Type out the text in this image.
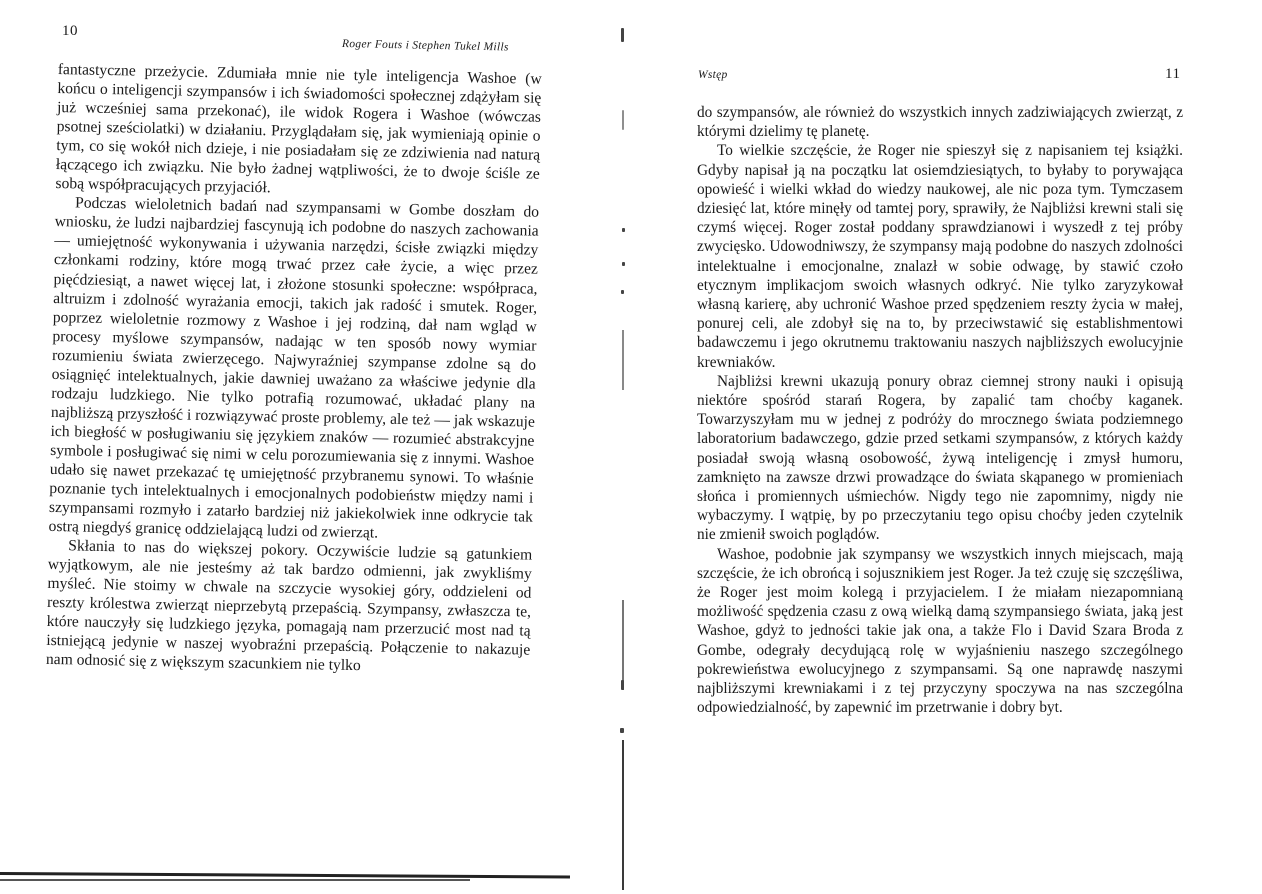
10
Roger Fouts i Stephen Tukel Mills

fantastyczne przeżycie. Zdumiała mnie nie tyle inteligencja Washoe (w końcu o inteligencji szympansów i ich świadomości społecznej zdążyłam się już wcześniej sama przekonać), ile widok Rogera i Washoe (wówczas psotnej sześciolatki) w działaniu. Przyglądałam się, jak wymieniają opinie o tym, co się wokół nich dzieje, i nie posiadałam się ze zdziwienia nad naturą łączącego ich związku. Nie było żadnej wątpliwości, że to dwoje ściśle ze sobą współpracujących przyjaciół.

Podczas wieloletnich badań nad szympansami w Gombe doszłam do wniosku, że ludzi najbardziej fascynują ich podobne do naszych zachowania — umiejętność wykonywania i używania narzędzi, ścisłe związki między członkami rodziny, które mogą trwać przez całe życie, a więc przez pięćdziesiąt, a nawet więcej lat, i złożone stosunki społeczne: współpraca, altruizm i zdolność wyrażania emocji, takich jak radość i smutek. Roger, poprzez wieloletnie rozmowy z Washoe i jej rodziną, dał nam wgląd w procesy myślowe szympansów, nadając w ten sposób nowy wymiar rozumieniu świata zwierzęcego. Najwyraźniej szympanse zdolne są do osiągnięć intelektualnych, jakie dawniej uważano za właściwe jedynie dla rodzaju ludzkiego. Nie tylko potrafią rozumować, układać plany na najbliższą przyszłość i rozwiązywać proste problemy, ale też — jak wskazuje ich biegłość w posługiwaniu się językiem znaków — rozumieć abstrakcyjne symbole i posługiwać się nimi w celu porozumiewania się z innymi. Washoe udało się nawet przekazać tę umiejętność przybranemu synowi. To właśnie poznanie tych intelektualnych i emocjonalnych podobieństw między nami i szympansami rozmyło i zatarło bardziej niż jakiekolwiek inne odkrycie tak ostrą niegdyś granicę oddzielającą ludzi od zwierząt.

Skłania to nas do większej pokory. Oczywiście ludzie są gatunkiem wyjątkowym, ale nie jesteśmy aż tak bardzo odmienni, jak zwykliśmy myśleć. Nie stoimy w chwale na szczycie wysokiej góry, oddzieleni od reszty królestwa zwierząt nieprzebytą przepaścią. Szympansy, zwłaszcza te, które nauczyły się ludzkiego języka, pomagają nam przerzucić most nad tą istniejącą jedynie w naszej wyobraźni przepaścią. Połączenie to nakazuje nam odnosić się z większym szacunkiem nie tylko

Wstęp	11

do szympansów, ale również do wszystkich innych zadziwiających zwierząt, z którymi dzielimy tę planetę.

To wielkie szczęście, że Roger nie spieszył się z napisaniem tej książki. Gdyby napisał ją na początku lat osiemdziesiątych, to byłaby to porywająca opowieść i wielki wkład do wiedzy naukowej, ale nic poza tym. Tymczasem dziesięć lat, które minęły od tamtej pory, sprawiły, że Najbliżsi krewni stali się czymś więcej. Roger został poddany sprawdzianowi i wyszedł z tej próby zwycięsko. Udowodniwszy, że szympansy mają podobne do naszych zdolności intelektualne i emocjonalne, znalazł w sobie odwagę, by stawić czoło etycznym implikacjom swoich własnych odkryć. Nie tylko zaryzykował własną karierę, aby uchronić Washoe przed spędzeniem reszty życia w małej, ponurej celi, ale zdobył się na to, by przeciwstawić się establishmentowi badawczemu i jego okrutnemu traktowaniu naszych najbliższych ewolucyjnie krewniaków.

Najbliżsi krewni ukazują ponury obraz ciemnej strony nauki i opisują niektóre spośród starań Rogera, by zapalić tam choćby kaganek. Towarzyszyłam mu w jednej z podróży do mrocznego świata podziemnego laboratorium badawczego, gdzie przed setkami szympansów, z których każdy posiadał swoją własną osobowość, żywą inteligencję i zmysł humoru, zamknięto na zawsze drzwi prowadzące do świata skąpanego w promieniach słońca i promiennych uśmiechów. Nigdy tego nie zapomnimy, nigdy nie wybaczymy. I wątpię, by po przeczytaniu tego opisu choćby jeden czytelnik nie zmienił swoich poglądów.

Washoe, podobnie jak szympansy we wszystkich innych miejscach, mają szczęście, że ich obrońcą i sojusznikiem jest Roger. Ja też czuję się szczęśliwa, że Roger jest moim kolegą i przyjacielem. I że miałam niezapomnianą możliwość spędzenia czasu z ową wielką damą szympansiego świata, jaką jest Washoe, gdyż to jedności takie jak ona, a także Flo i David Szara Broda z Gombe, odegrały decydującą rolę w wyjaśnieniu naszego szczególnego pokrewieństwa ewolucyjnego z szympansami. Są one naprawdę naszymi najbliższymi krewniakami i z tej przyczyny spoczywa na nas szczególna odpowiedzialność, by zapewnić im przetrwanie i dobry byt.
